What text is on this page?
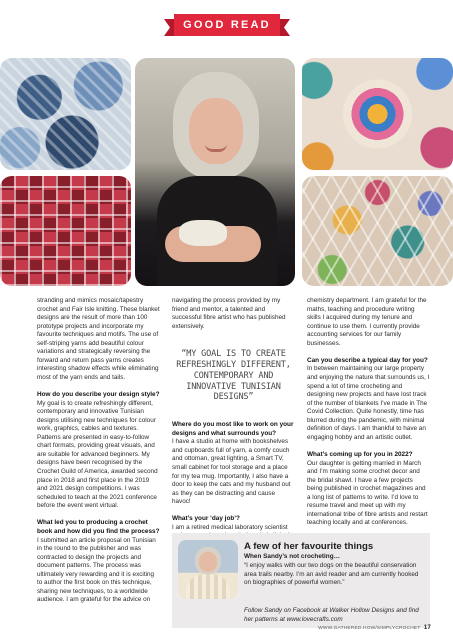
GOOD READ

stranding and mimics mosaic/tapestry crochet and Fair Isle knitting. These blanket designs are the result of more than 100 prototype projects and incorporate my favourite techniques and motifs. The use of self-striping yarns add beautiful colour variations and strategically reversing the forward and return pass yarns creates interesting shadow effects while eliminating most of the yarn ends and tails.

How do you describe your design style?

My goal is to create refreshingly different, contemporary and innovative Tunisian designs utilising new techniques for colour work, graphics, cables and textures. Patterns are presented in easy-to-follow chart formats, providing great visuals, and are suitable for advanced beginners. My designs have been recognised by the Crochet Guild of America, awarded second place in 2018 and first place in the 2019 and 2021 design competitions. I was scheduled to teach at the 2021 conference before the event went virtual.

What led you to producing a crochet book and how did you find the process?

I submitted an article proposal on Tunisian in the round to the publisher and was contracted to design the projects and document patterns. The process was ultimately very rewarding and it is exciting to author the first book on this technique, sharing new techniques, to a worldwide audience. I am grateful for the advice on

navigating the process provided by my friend and mentor, a talented and successful fibre artist who has published extensively.

“MY GOAL IS TO CREATE REFRESHINGLY DIFFERENT, CONTEMPORARY AND INNOVATIVE TUNISIAN DESIGNS”
Where do you most like to work on your designs and what surrounds you?

I have a studio at home with bookshelves and cupboards full of yarn, a comfy couch and ottoman, great lighting, a Smart TV, small cabinet for tool storage and a place for my tea mug. Importantly, I also have a door to keep the cats and my husband out as they can be distracting and cause havoc!

What’s your ‘day job’?

I am a retired medical laboratory scientist

chemistry department. I am grateful for the maths, teaching and procedure writing skills I acquired during my tenure and continue to use them. I currently provide accounting services for our family businesses.

Can you describe a typical day for you?

In between maintaining our large property and enjoying the nature that surrounds us, I spend a lot of time crocheting and designing new projects and have lost track of the number of blankets I’ve made in The Covid Collection. Quite honestly, time has blurred during the pandemic, with minimal definition of days. I am thankful to have an engaging hobby and an artistic outlet.

What’s coming up for you in 2022?

Our daughter is getting married in March and I’m making some crochet decor and the bridal shawl. I have a few projects being published in crochet magazines and a long list of patterns to write. I’d love to resume travel and meet up with my international tribe of fibre artists and restart teaching locally and at conferences.

A few of her favourite things
When Sandy’s not crocheting…
“I enjoy walks with our two dogs on the beautiful conservation area trails nearby. I’m an avid reader and am currently hooked on biographies of powerful women.”
Follow Sandy on Facebook at Walker Hollow Designs and find her patterns at www.lovecrafts.com
WWW.GATHERED.HOW/SIMPLYCROCHET 17
